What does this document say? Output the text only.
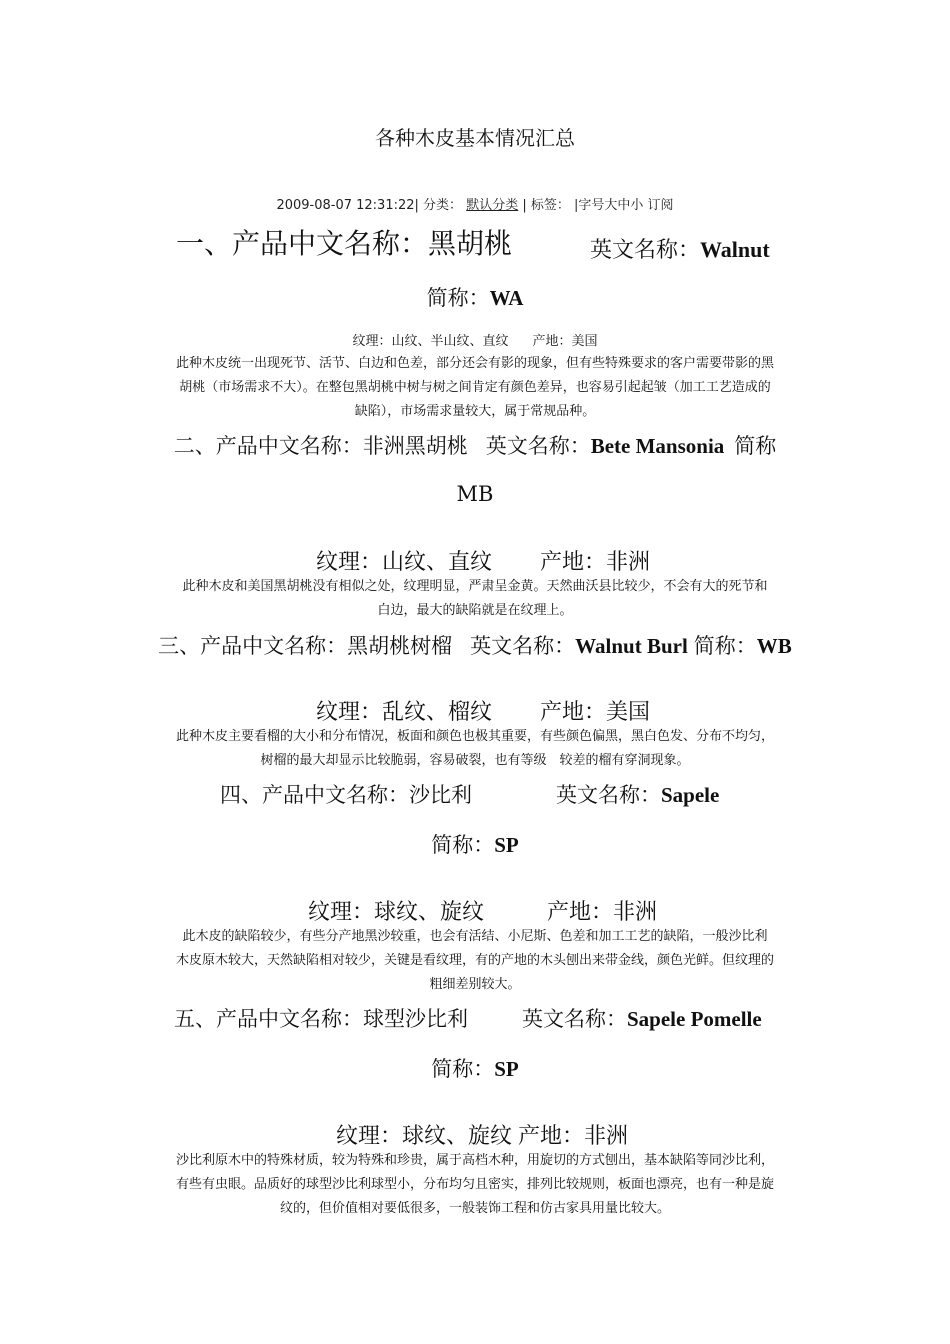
各种木皮基本情况汇总
2009-08-07 12:31:22| 分类： 默认分类 | 标签： |字号大中小 订阅
一、产品中文名称：黑胡桃	英文名称：Walnut
简称：WA
纹理：山纹、半山纹、直纹 产地：美国
此种木皮统一出现死节、活节、白边和色差，部分还会有影的现象，但有些特殊要求的客户需要带影的黑
胡桃（市场需求不大）。在整包黑胡桃中树与树之间肯定有颜色差异，也容易引起起皱（加工工艺造成的
缺陷），市场需求量较大，属于常规品种。
二、产品中文名称：非洲黑胡桃 英文名称：Bete Mansonia 简称
MB
纹理：山纹、直纹 产地：非洲
此种木皮和美国黑胡桃没有相似之处，纹理明显，严肃呈金黄。天然曲沃县比较少，不会有大的死节和
白边，最大的缺陷就是在纹理上。
三、产品中文名称：黑胡桃树榴 英文名称：Walnut Burl 简称：WB
纹理：乱纹、榴纹 产地：美国
此种木皮主要看榴的大小和分布情况，板面和颜色也极其重要，有些颜色偏黑，黑白色发、分布不均匀，
树榴的最大却显示比较脆弱，容易破裂，也有等级　较差的榴有穿洞现象。
四、产品中文名称：沙比利	英文名称：Sapele
简称：SP
纹理：球纹、旋纹	产地：非洲
此木皮的缺陷较少，有些分产地黑沙较重，也会有活结、小尼斯、色差和加工工艺的缺陷，一般沙比利
木皮原木较大，天然缺陷相对较少，关键是看纹理，有的产地的木头刨出来带金线，颜色光鲜。但纹理的
粗细差别较大。
五、产品中文名称：球型沙比利	英文名称：Sapele Pomelle
简称：SP
纹理：球纹、旋纹 产地：非洲
沙比利原木中的特殊材质，较为特殊和珍贵，属于高档木种，用旋切的方式刨出，基本缺陷等同沙比利，
有些有虫眼。品质好的球型沙比利球型小，分布均匀且密实，排列比较规则，板面也漂亮，也有一种是旋
纹的，但价值相对要低很多，一般装饰工程和仿古家具用量比较大。
